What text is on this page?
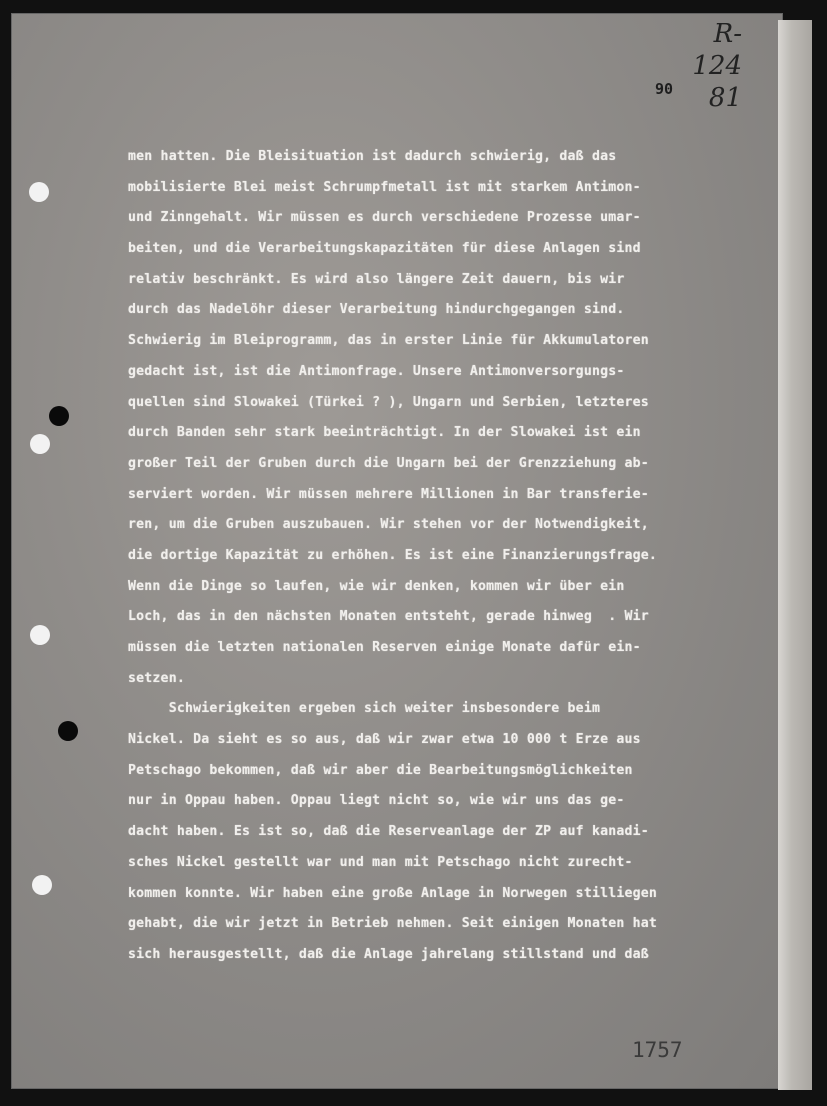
R-124
81
90
men hatten. Die Bleisituation ist dadurch schwierig, daß das
mobilisierte Blei meist Schrumpfmetall ist mit starkem Antimon-
und Zinngehalt. Wir müssen es durch verschiedene Prozesse umar-
beiten, und die Verarbeitungskapazitäten für diese Anlagen sind
relativ beschränkt. Es wird also längere Zeit dauern, bis wir
durch das Nadelöhr dieser Verarbeitung hindurchgegangen sind.
Schwierig im Bleiprogramm, das in erster Linie für Akkumulatoren
gedacht ist, ist die Antimonfrage. Unsere Antimonversorgungs-
quellen sind Slowakei (Türkei ? ), Ungarn und Serbien, letzteres
durch Banden sehr stark beeinträchtigt. In der Slowakei ist ein
großer Teil der Gruben durch die Ungarn bei der Grenzziehung ab-
serviert worden. Wir müssen mehrere Millionen in Bar transferie-
ren, um die Gruben auszubauen. Wir stehen vor der Notwendigkeit,
die dortige Kapazität zu erhöhen. Es ist eine Finanzierungsfrage.
Wenn die Dinge so laufen, wie wir denken, kommen wir über ein
Loch, das in den nächsten Monaten entsteht, gerade hinweg  . Wir
müssen die letzten nationalen Reserven einige Monate dafür ein-
setzen.
Schwierigkeiten ergeben sich weiter insbesondere beim
Nickel. Da sieht es so aus, daß wir zwar etwa 10 000 t Erze aus
Petschago bekommen, daß wir aber die Bearbeitungsmöglichkeiten
nur in Oppau haben. Oppau liegt nicht so, wie wir uns das ge-
dacht haben. Es ist so, daß die Reserveanlage der ZP auf kanadi-
sches Nickel gestellt war und man mit Petschago nicht zurecht-
kommen konnte. Wir haben eine große Anlage in Norwegen stilliegen
gehabt, die wir jetzt in Betrieb nehmen. Seit einigen Monaten hat
sich herausgestellt, daß die Anlage jahrelang stillstand und daß
1757
